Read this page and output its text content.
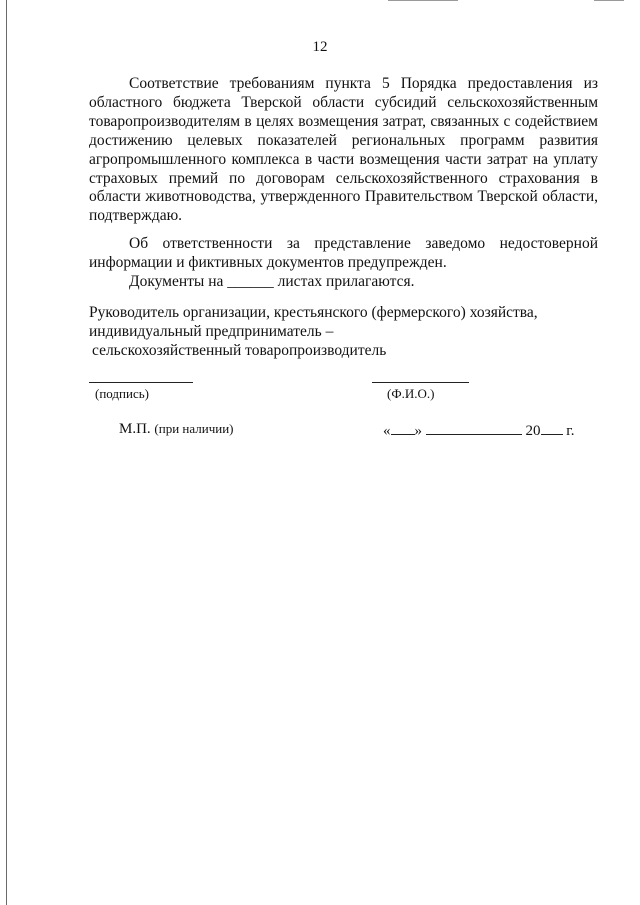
12

Соответствие требованиям пункта 5 Порядка предоставления из областного бюджета Тверской области субсидий сельскохозяйственным товаропроизводителям в целях возмещения затрат, связанных с содействием достижению целевых показателей региональных программ развития агропромышленного комплекса в части возмещения части затрат на уплату страховых премий по договорам сельскохозяйственного страхования в области животноводства, утвержденного Правительством Тверской области, подтверждаю.

Об ответственности за представление заведомо недостоверной информации и фиктивных документов предупрежден.

Документы на ______ листах прилагаются.

Руководитель организации, крестьянского (фермерского) хозяйства,
индивидуальный предприниматель –
сельскохозяйственный товаропроизводитель
(подпись)	(Ф.И.О.)
М.П. (при наличии)	« »	20 г.
